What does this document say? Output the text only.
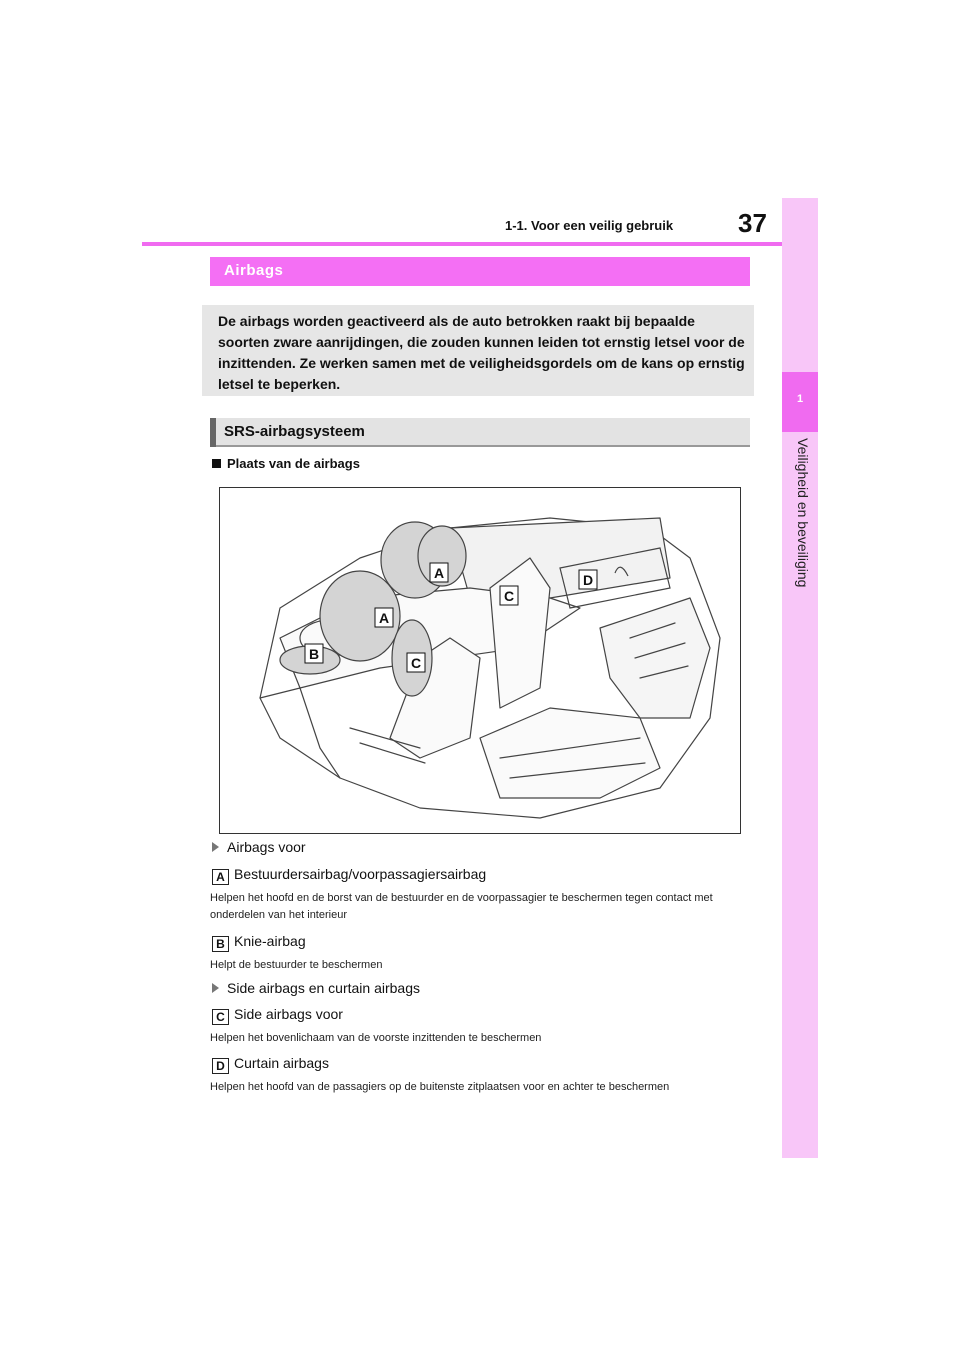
1-1. Voor een veilig gebruik 37
1
Veiligheid en beveiliging
Airbags
De airbags worden geactiveerd als de auto betrokken raakt bij bepaalde soorten zware aanrijdingen, die zouden kunnen leiden tot ernstig letsel voor de inzittenden. Ze werken samen met de veiligheidsgordels om de kans op ernstig letsel te beperken.
SRS-airbagsysteem
Plaats van de airbags
A
A
C
D
B
C
Airbags voor
A Bestuurdersairbag/voorpassagiersairbag
Helpen het hoofd en de borst van de bestuurder en de voorpassagier te beschermen tegen contact met onderdelen van het interieur
B Knie-airbag
Helpt de bestuurder te beschermen
Side airbags en curtain airbags
C Side airbags voor
Helpen het bovenlichaam van de voorste inzittenden te beschermen
D Curtain airbags
Helpen het hoofd van de passagiers op de buitenste zitplaatsen voor en achter te beschermen
